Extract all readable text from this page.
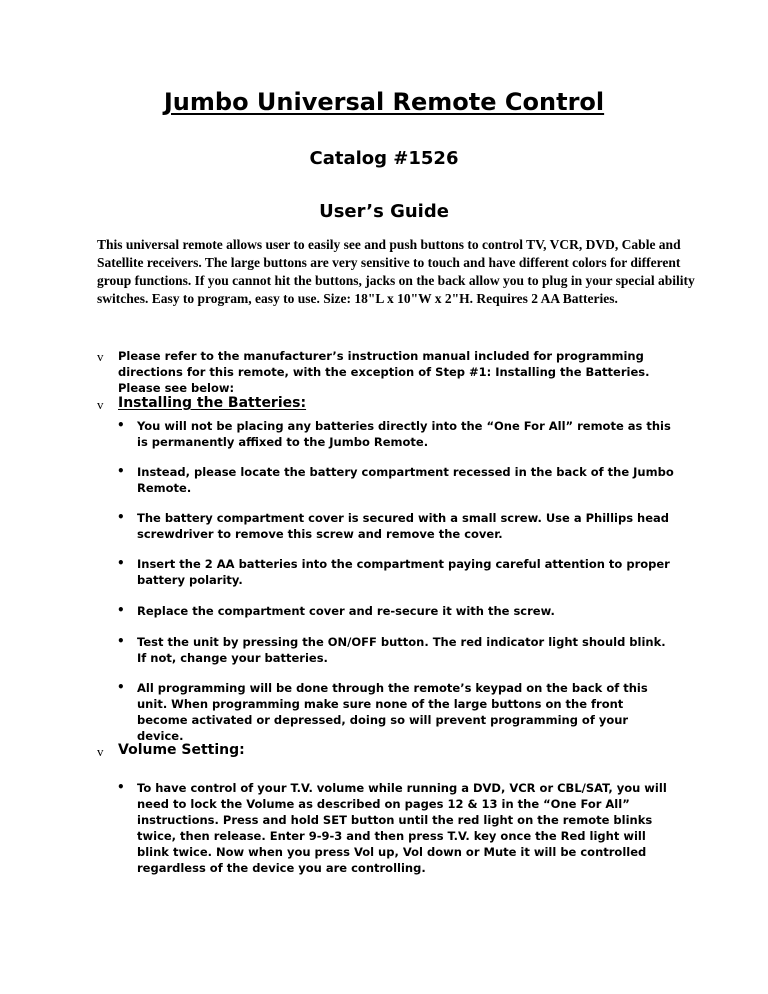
Jumbo Universal Remote Control
Catalog #1526
User’s Guide

This universal remote allows user to easily see and push buttons to control TV, VCR, DVD, Cable and Satellite receivers. The large buttons are very sensitive to touch and have different colors for different group functions. If you cannot hit the buttons, jacks on the back allow you to plug in your special ability switches. Easy to program, easy to use. Size: 18"L x 10"W x 2"H. Requires 2 AA Batteries.

v Please refer to the manufacturer’s instruction manual included for programming directions for this remote, with the exception of Step #1: Installing the Batteries. Please see below:

v Installing the Batteries:

• You will not be placing any batteries directly into the “One For All” remote as this is permanently affixed to the Jumbo Remote.

• Instead, please locate the battery compartment recessed in the back of the Jumbo Remote.

• The battery compartment cover is secured with a small screw. Use a Phillips head screwdriver to remove this screw and remove the cover.

• Insert the 2 AA batteries into the compartment paying careful attention to proper battery polarity.

• Replace the compartment cover and re-secure it with the screw.

• Test the unit by pressing the ON/OFF button. The red indicator light should blink. If not, change your batteries.

• All programming will be done through the remote’s keypad on the back of this unit. When programming make sure none of the large buttons on the front become activated or depressed, doing so will prevent programming of your device.

v Volume Setting:

• To have control of your T.V. volume while running a DVD, VCR or CBL/SAT, you will need to lock the Volume as described on pages 12 & 13 in the “One For All” instructions. Press and hold SET button until the red light on the remote blinks twice, then release. Enter 9-9-3 and then press T.V. key once the Red light will blink twice. Now when you press Vol up, Vol down or Mute it will be controlled regardless of the device you are controlling.
